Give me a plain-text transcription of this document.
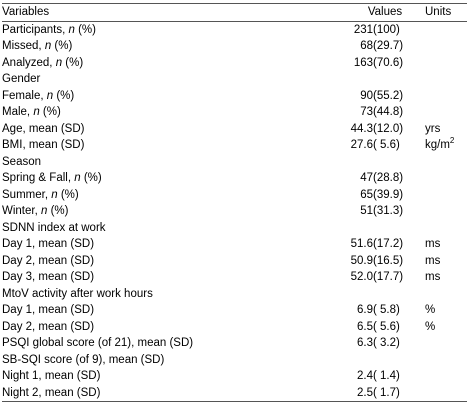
Variables	Values		Units
Participants, n (%)	231	(100)	
Missed, n (%)	68	(29.7)	
Analyzed, n (%)	163	(70.6)	
Gender			
Female, n (%)	90	(55.2)	
Male, n (%)	73	(44.8)	
Age, mean (SD)	44.3	(12.0)	yrs
BMI, mean (SD)	27.6	( 5.6)	$kg/m^2$
Season			
Spring & Fall, n (%)	47	(28.8)	
Summer, n (%)	65	(39.9)	
Winter, n (%)	51	(31.3)	
SDNN index at work			
Day 1, mean (SD)	51.6	(17.2)	ms
Day 2, mean (SD)	50.9	(16.5)	ms
Day 3, mean (SD)	52.0	(17.7)	ms
MtoV activity after work hours			
Day 1, mean (SD)	6.9	( 5.8)	%
Day 2, mean (SD)	6.5	( 5.6)	%
PSQI global score (of 21), mean (SD)	6.3	( 3.2)	
SB-SQI score (of 9), mean (SD)			
Night 1, mean (SD)	2.4	( 1.4)	
Night 2, mean (SD)	2.5	( 1.7)	
